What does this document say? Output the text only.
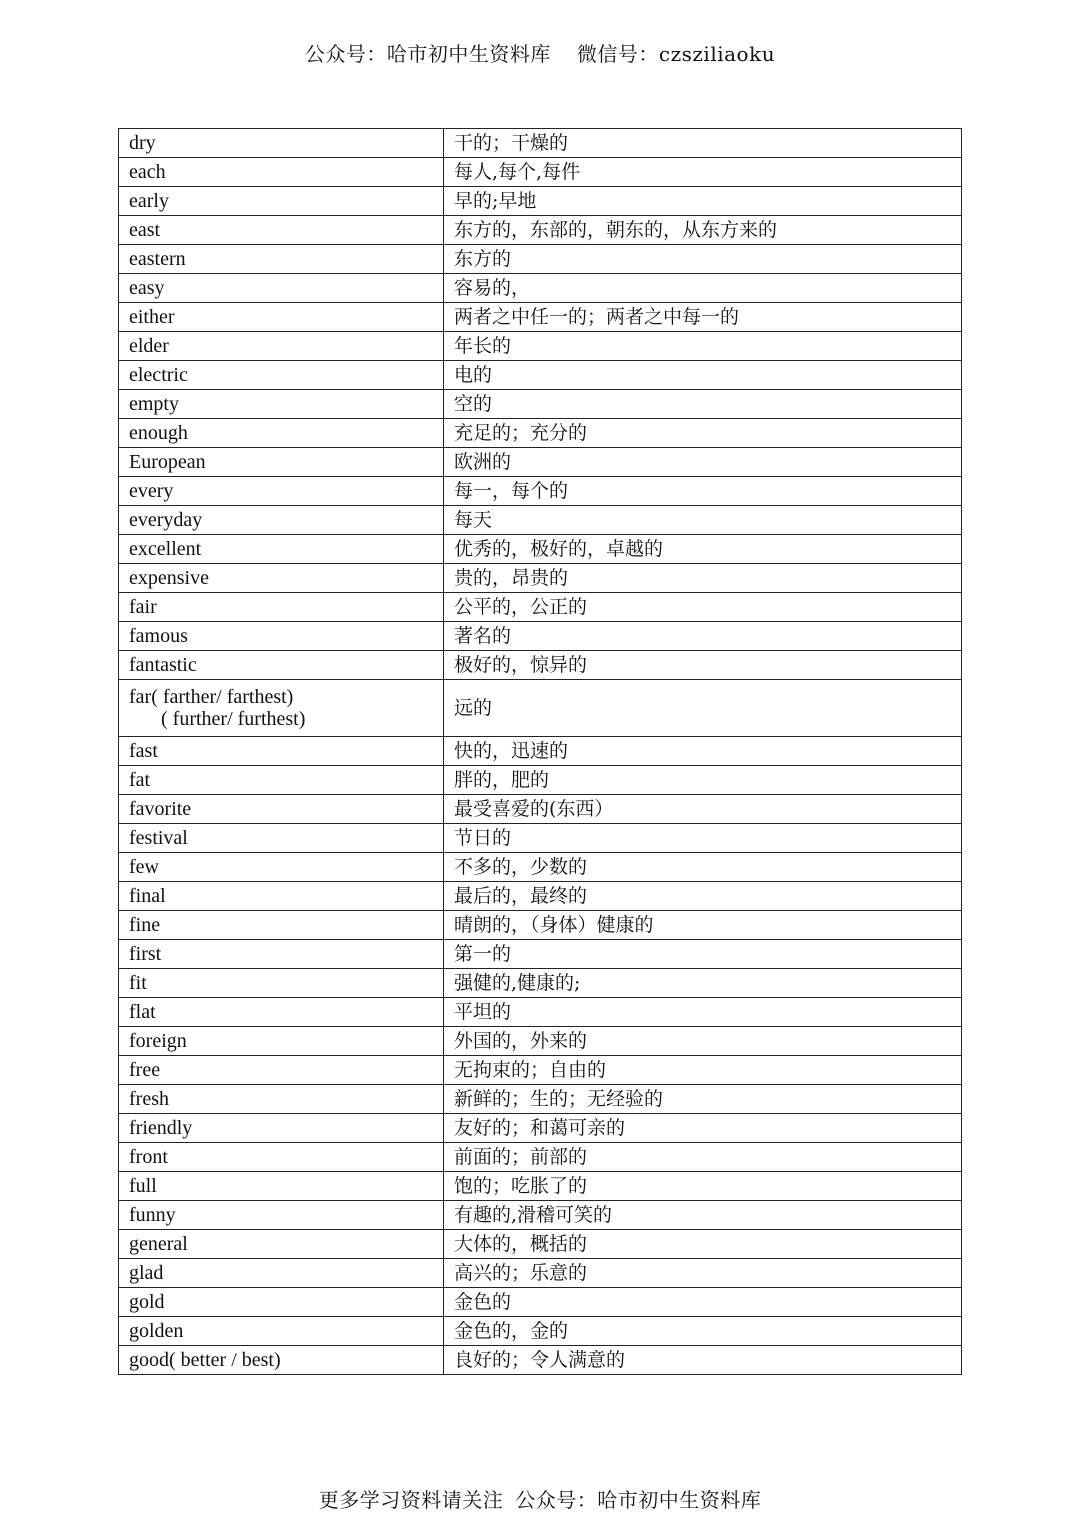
公众号：哈市初中生资料库 微信号：czsziliaoku
dry	干的；干燥的
each	每人,每个,每件
early	早的;早地
east	东方的，东部的，朝东的，从东方来的
eastern	东方的
easy	容易的，
either	两者之中任一的；两者之中每一的
elder	年长的
electric	电的
empty	空的
enough	充足的；充分的
European	欧洲的
every	每一，每个的
everyday	每天
excellent	优秀的，极好的，卓越的
expensive	贵的，昂贵的
fair	公平的，公正的
famous	著名的
fantastic	极好的，惊异的

far( farther/ farthest)
( further/ furthest)	远的
fast	快的，迅速的
fat	胖的，肥的
favorite	最受喜爱的(东西）
festival	节日的
few	不多的，少数的
final	最后的，最终的
fine	晴朗的，（身体）健康的
first	第一的
fit	强健的,健康的;
flat	平坦的
foreign	外国的，外来的
free	无拘束的；自由的
fresh	新鲜的；生的；无经验的
friendly	友好的；和蔼可亲的
front	前面的；前部的
full	饱的；吃胀了的
funny	有趣的,滑稽可笑的
general	大体的，概括的
glad	高兴的；乐意的
gold	金色的
golden	金色的，金的
good( better / best)	良好的；令人满意的
更多学习资料请关注 公众号：哈市初中生资料库
